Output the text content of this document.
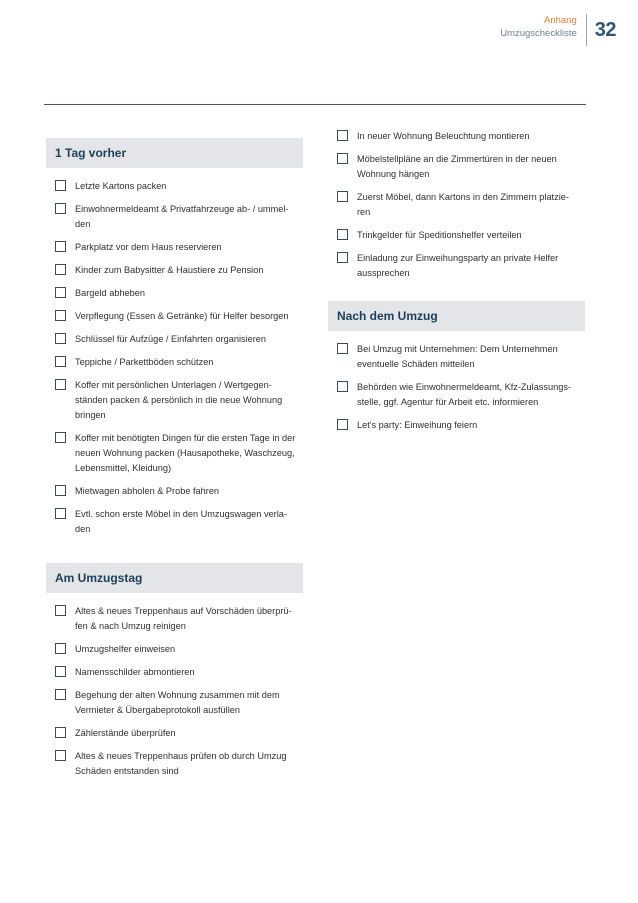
Anhang
Umzugscheckliste 32
1 Tag vorher
Letzte Kartons packen
Einwohnermeldeamt & Privatfahrzeuge ab- / ummel-den
Parkplatz vor dem Haus reservieren
Kinder zum Babysitter & Haustiere zu Pension
Bargeld abheben
Verpflegung (Essen & Getränke) für Helfer besorgen
Schlüssel für Aufzüge / Einfahrten organisieren
Teppiche / Parkettböden schützen
Koffer mit persönlichen Unterlagen / Wertgegen-ständen packen & persönlich in die neue Wohnung bringen
Koffer mit benötigten Dingen für die ersten Tage in der neuen Wohnung packen (Hausapotheke, Waschzeug, Lebensmittel, Kleidung)
Mietwagen abholen & Probe fahren
Evtl. schon erste Möbel in den Umzugswagen verla-den
Am Umzugstag
Altes & neues Treppenhaus auf Vorschäden überprü-fen & nach Umzug reinigen
Umzugshelfer einweisen
Namensschilder abmontieren
Begehung der alten Wohnung zusammen mit dem Vermieter & Übergabeprotokoll ausfüllen
Zählerstände überprüfen
Altes & neues Treppenhaus prüfen ob durch Umzug Schäden entstanden sind
In neuer Wohnung Beleuchtung montieren
Möbelstellpläne an die Zimmertüren in der neuen Wohnung hängen
Zuerst Möbel, dann Kartons in den Zimmern platzie-ren
Trinkgelder für Speditionshelfer verteilen
Einladung zur Einweihungsparty an private Helfer aussprechen
Nach dem Umzug
Bei Umzug mit Unternehmen: Dem Unternehmen eventuelle Schäden mitteilen
Behörden wie Einwohnermeldeamt, Kfz-Zulassungs-stelle, ggf. Agentur für Arbeit etc. informieren
Let's party: Einweihung feiern
